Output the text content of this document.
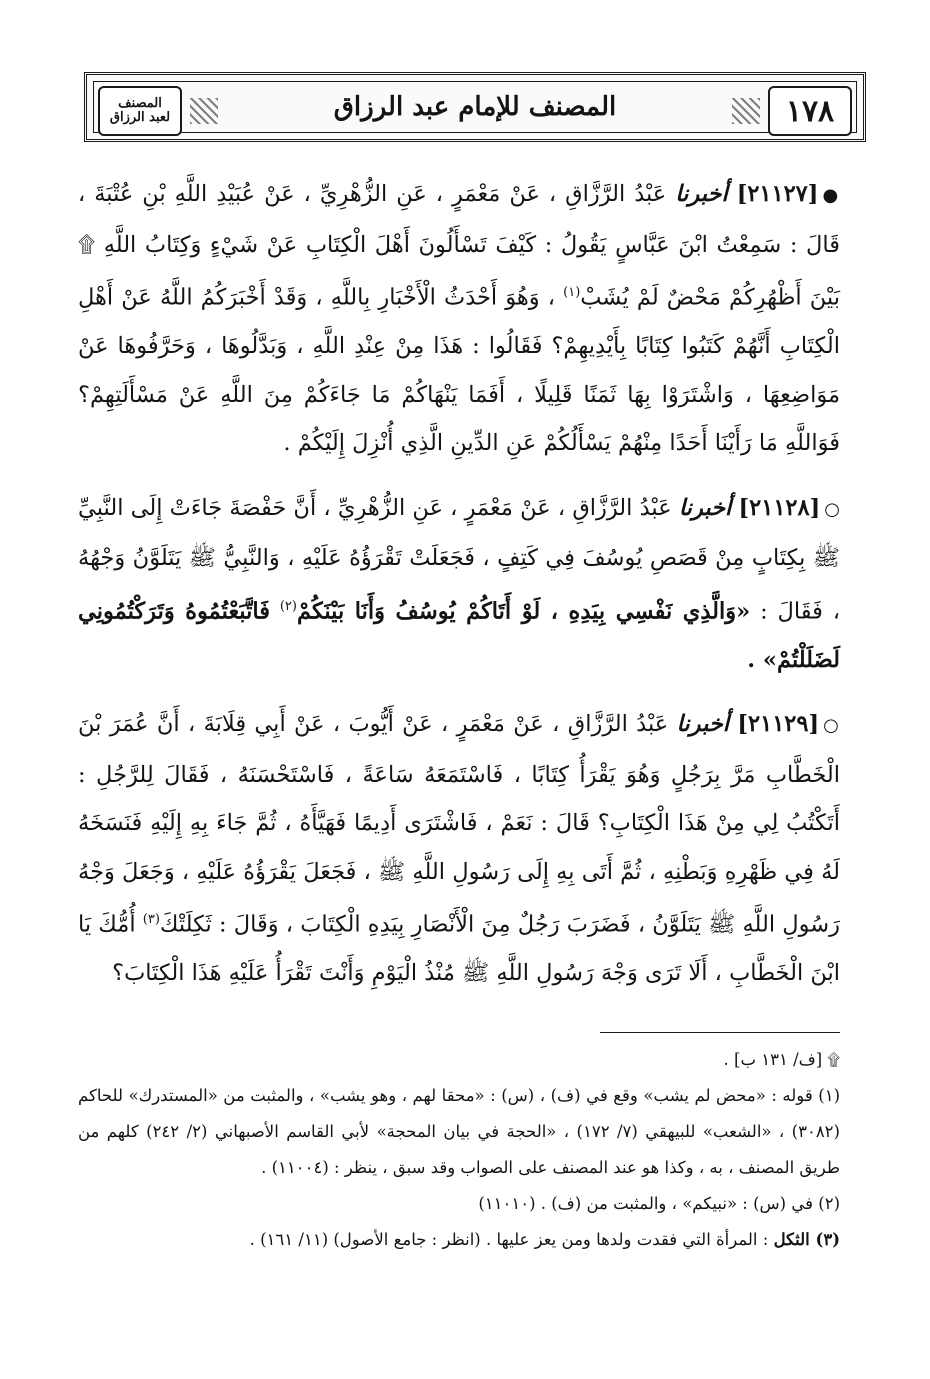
١٧٨
المصنف للإمام عبد الرزاق
المصنف
لعبد الرزاق

●[٢١١٢٧] أخبرنا عَبْدُ الرَّزَّاقِ ، عَنْ مَعْمَرٍ ، عَنِ الزُّهْرِيِّ ، عَنْ عُبَيْدِ اللَّهِ بْنِ عُتْبَةَ ، قَالَ : سَمِعْتُ ابْنَ عَبَّاسٍ يَقُولُ : كَيْفَ تَسْأَلُونَ أَهْلَ الْكِتَابِ عَنْ شَيْءٍ وَكِتَابُ اللَّهِ ۩ بَيْنَ أَظْهُرِكُمْ مَحْضٌ لَمْ يُشَبْ$^{(١)}$ ، وَهُوَ أَحْدَثُ الْأَخْبَارِ بِاللَّهِ ، وَقَدْ أَخْبَرَكُمُ اللَّهُ عَنْ أَهْلِ الْكِتَابِ أَنَّهُمْ كَتَبُوا كِتَابًا بِأَيْدِيهِمْ؟ فَقَالُوا : هَذَا مِنْ عِنْدِ اللَّهِ ، وَبَدَّلُوهَا ، وَحَرَّفُوهَا عَنْ مَوَاضِعِهَا ، وَاشْتَرَوْا بِهَا ثَمَنًا قَلِيلًا ، أَفَمَا يَنْهَاكُمْ مَا جَاءَكُمْ مِنَ اللَّهِ عَنْ مَسْأَلَتِهِمْ؟ فَوَاللَّهِ مَا رَأَيْنَا أَحَدًا مِنْهُمْ يَسْأَلُكُمْ عَنِ الدِّينِ الَّذِي أُنْزِلَ إِلَيْكُمْ .

○[٢١١٢٨] أخبرنا عَبْدُ الرَّزَّاقِ ، عَنْ مَعْمَرٍ ، عَنِ الزُّهْرِيِّ ، أَنَّ حَفْصَةَ جَاءَتْ إِلَى النَّبِيِّ ﷺ بِكِتَابٍ مِنْ قَصَصِ يُوسُفَ فِي كَتِفٍ ، فَجَعَلَتْ تَقْرَؤُهُ عَلَيْهِ ، وَالنَّبِيُّ ﷺ يَتَلَوَّنُ وَجْهُهُ ، فَقَالَ : «وَالَّذِي نَفْسِي بِيَدِهِ ، لَوْ أَتَاكُمْ يُوسُفُ وَأَنَا بَيْنَكُمْ$^{(٢)}$ فَاتَّبَعْتُمُوهُ وَتَرَكْتُمُونِي لَضَلَلْتُمْ» .

○[٢١١٢٩] أخبرنا عَبْدُ الرَّزَّاقِ ، عَنْ مَعْمَرٍ ، عَنْ أَيُّوبَ ، عَنْ أَبِي قِلَابَةَ ، أَنَّ عُمَرَ بْنَ الْخَطَّابِ مَرَّ بِرَجُلٍ وَهُوَ يَقْرَأُ كِتَابًا ، فَاسْتَمَعَهُ سَاعَةً ، فَاسْتَحْسَنَهُ ، فَقَالَ لِلرَّجُلِ : أَتَكْتُبُ لِي مِنْ هَذَا الْكِتَابِ؟ قَالَ : نَعَمْ ، فَاشْتَرَى أَدِيمًا فَهَيَّأَهُ ، ثُمَّ جَاءَ بِهِ إِلَيْهِ فَنَسَخَهُ لَهُ فِي ظَهْرِهِ وَبَطْنِهِ ، ثُمَّ أَتَى بِهِ إِلَى رَسُولِ اللَّهِ ﷺ ، فَجَعَلَ يَقْرَؤُهُ عَلَيْهِ ، وَجَعَلَ وَجْهُ رَسُولِ اللَّهِ ﷺ يَتَلَوَّنُ ، فَضَرَبَ رَجُلٌ مِنَ الْأَنْصَارِ بِيَدِهِ الْكِتَابَ ، وَقَالَ : ثَكِلَتْكَ$^{(٣)}$ أُمُّكَ يَا ابْنَ الْخَطَّابِ ، أَلَا تَرَى وَجْهَ رَسُولِ اللَّهِ ﷺ مُنْذُ الْيَوْمِ وَأَنْتَ تَقْرَأُ عَلَيْهِ هَذَا الْكِتَابَ؟

۩ [ف/ ١٣١ ب] .

(١) قوله : «محض لم يشب» وقع في (ف) ، (س) : «محقا لهم ، وهو يشب» ، والمثبت من «المستدرك» للحاكم (٣٠٨٢) ، «الشعب» للبيهقي (٧/ ١٧٢) ، «الحجة في بيان المحجة» لأبي القاسم الأصبهاني (٢/ ٢٤٢) كلهم من طريق المصنف ، به ، وكذا هو عند المصنف على الصواب وقد سبق ، ينظر : (١١٠٠٤) .

(٢) في (س) : «نبيكم» ، والمثبت من (ف) . (١١٠١٠)

(٣) الثكل : المرأة التي فقدت ولدها ومن يعز عليها . (انظر : جامع الأصول) (١١/ ١٦١) .
